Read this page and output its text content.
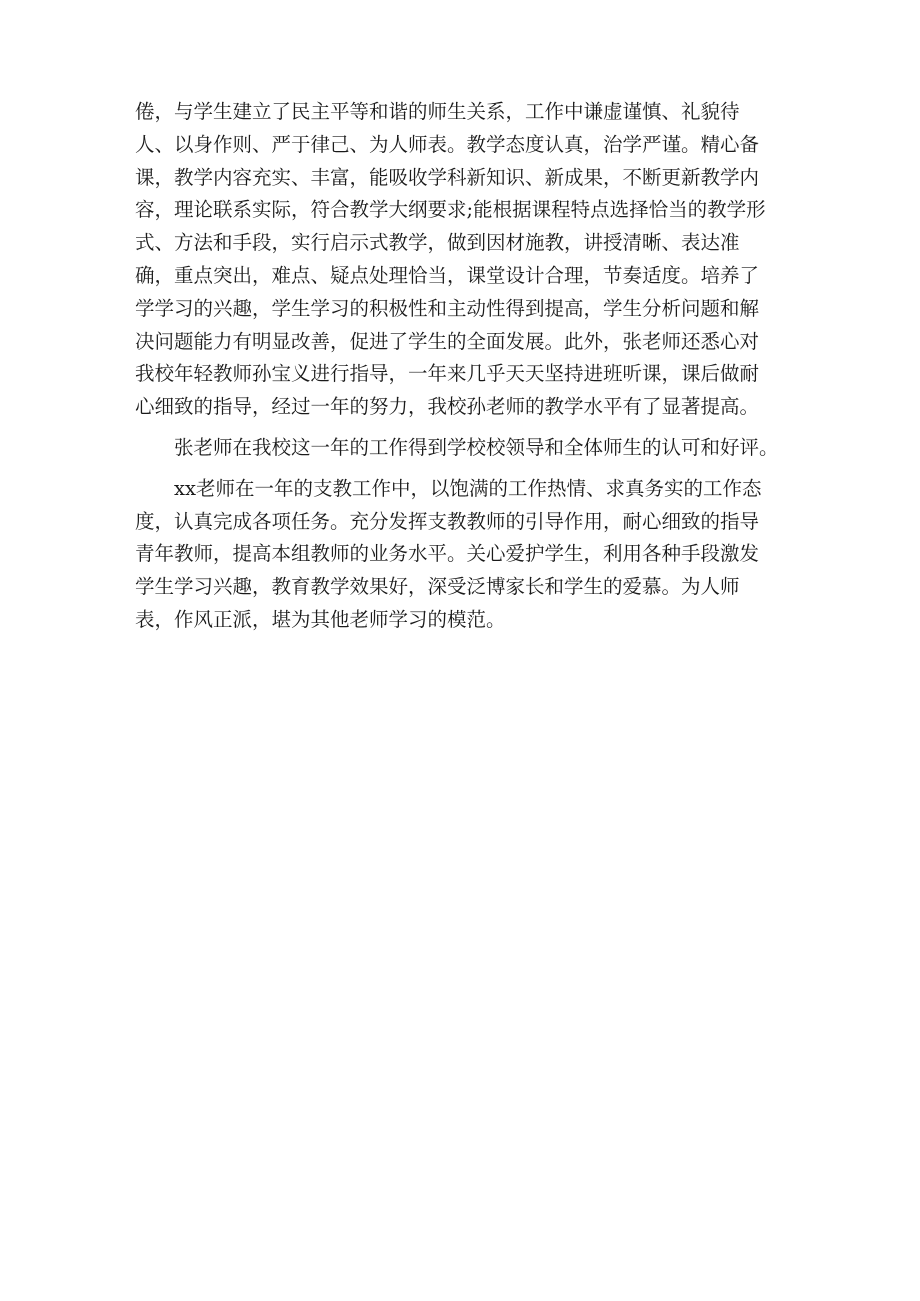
倦，与学生建立了民主平等和谐的师生关系，工作中谦虚谨慎、礼貌待
人、以身作则、严于律己、为人师表。教学态度认真，治学严谨。精心备
课，教学内容充实、丰富，能吸收学科新知识、新成果，不断更新教学内
容，理论联系实际，符合教学大纲要求;能根据课程特点选择恰当的教学形
式、方法和手段，实行启示式教学，做到因材施教，讲授清晰、表达准
确，重点突出，难点、疑点处理恰当，课堂设计合理，节奏适度。培养了
学学习的兴趣，学生学习的积极性和主动性得到提高，学生分析问题和解
决问题能力有明显改善，促进了学生的全面发展。此外，张老师还悉心对
我校年轻教师孙宝义进行指导，一年来几乎天天坚持进班听课，课后做耐
心细致的指导，经过一年的努力，我校孙老师的教学水平有了显著提高。
张老师在我校这一年的工作得到学校校领导和全体师生的认可和好评。
xx老师在一年的支教工作中，以饱满的工作热情、求真务实的工作态
度，认真完成各项任务。充分发挥支教教师的引导作用，耐心细致的指导
青年教师，提高本组教师的业务水平。关心爱护学生，利用各种手段激发
学生学习兴趣，教育教学效果好，深受泛博家长和学生的爱慕。为人师
表，作风正派，堪为其他老师学习的模范。
